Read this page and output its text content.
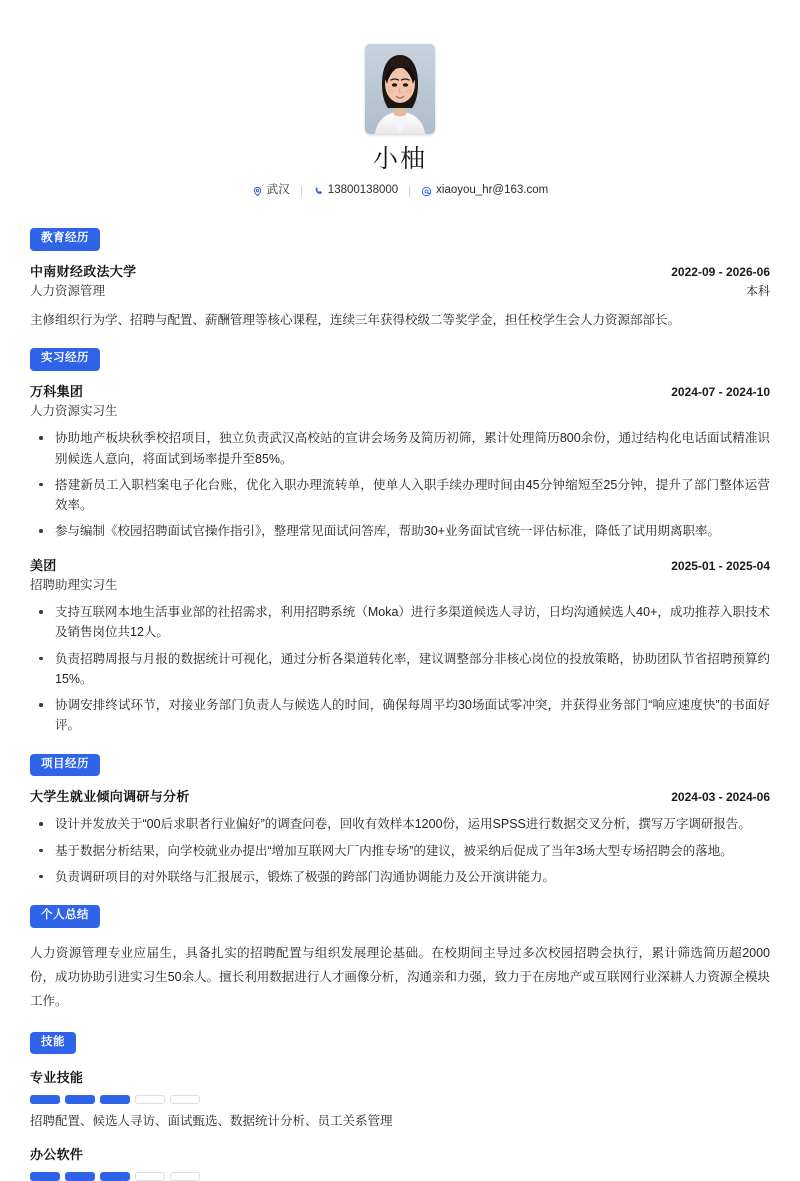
小柚
武汉	13800138000	xiaoyou_hr@163.com
教育经历
中南财经政法大学	2022-09 - 2026-06
人力资源管理	本科
主修组织行为学、招聘与配置、薪酬管理等核心课程，连续三年获得校级二等奖学金，担任校学生会人力资源部部长。
实习经历
万科集团	2024-07 - 2024-10
人力资源实习生
协助地产板块秋季校招项目，独立负责武汉高校站的宣讲会场务及简历初筛，累计处理简历800余份，通过结构化电话面试精准识别候选人意向，将面试到场率提升至85%。
搭建新员工入职档案电子化台账，优化入职办理流转单，使单人入职手续办理时间由45分钟缩短至25分钟，提升了部门整体运营效率。
参与编制《校园招聘面试官操作指引》，整理常见面试问答库，帮助30+业务面试官统一评估标准，降低了试用期离职率。
美团	2025-01 - 2025-04
招聘助理实习生
支持互联网本地生活事业部的社招需求，利用招聘系统（Moka）进行多渠道候选人寻访，日均沟通候选人40+，成功推荐入职技术及销售岗位共12人。
负责招聘周报与月报的数据统计可视化，通过分析各渠道转化率，建议调整部分非核心岗位的投放策略，协助团队节省招聘预算约15%。
协调安排终试环节，对接业务部门负责人与候选人的时间，确保每周平均30场面试零冲突，并获得业务部门“响应速度快”的书面好评。
项目经历
大学生就业倾向调研与分析	2024-03 - 2024-06
设计并发放关于“00后求职者行业偏好”的调查问卷，回收有效样本1200份，运用SPSS进行数据交叉分析，撰写万字调研报告。
基于数据分析结果，向学校就业办提出“增加互联网大厂内推专场”的建议，被采纳后促成了当年3场大型专场招聘会的落地。
负责调研项目的对外联络与汇报展示，锻炼了极强的跨部门沟通协调能力及公开演讲能力。
个人总结
人力资源管理专业应届生，具备扎实的招聘配置与组织发展理论基础。在校期间主导过多次校园招聘会执行，累计筛选简历超2000份，成功协助引进实习生50余人。擅长利用数据进行人才画像分析，沟通亲和力强，致力于在房地产或互联网行业深耕人力资源全模块工作。
技能
专业技能
招聘配置、候选人寻访、面试甄选、数据统计分析、员工关系管理
办公软件
